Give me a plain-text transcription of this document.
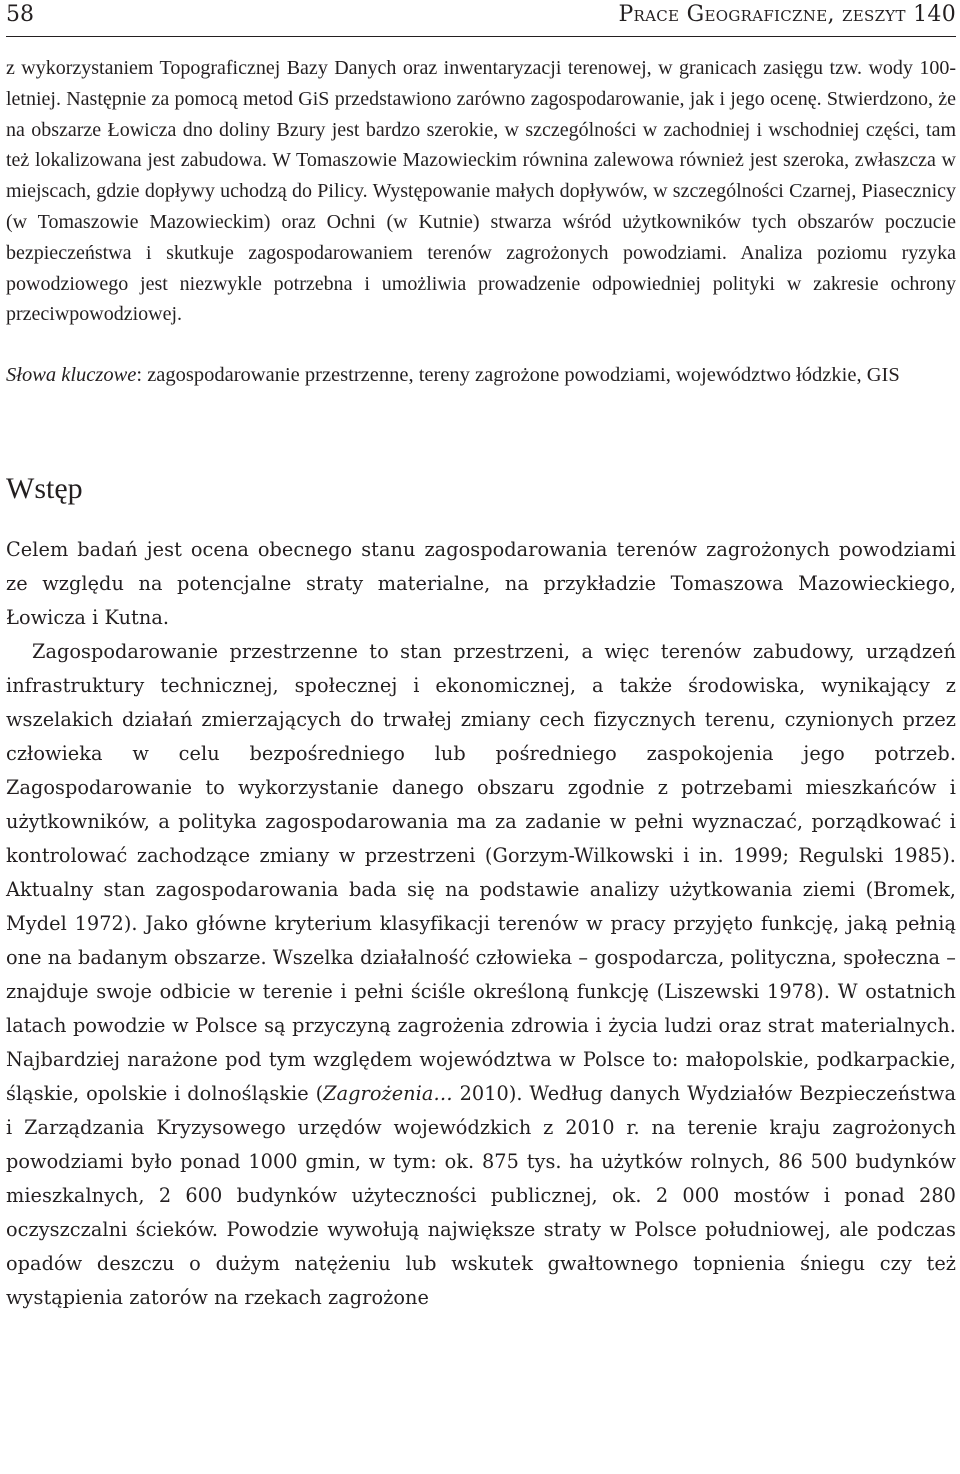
58	Prace Geograficzne, zeszyt 140

z wykorzystaniem Topograficznej Bazy Danych oraz inwentaryzacji terenowej, w granicach zasięgu tzw. wody 100-letniej. Następnie za pomocą metod GiS przedstawiono zarówno zagospodarowanie, jak i jego ocenę. Stwierdzono, że na obszarze Łowicza dno doliny Bzury jest bardzo szerokie, w szczególności w zachodniej i wschodniej części, tam też lokalizowana jest zabudowa. W Tomaszowie Mazowieckim równina zalewowa również jest szeroka, zwłaszcza w miejscach, gdzie dopływy uchodzą do Pilicy. Występowanie małych dopływów, w szczególności Czarnej, Piasecznicy (w Tomaszowie Mazowieckim) oraz Ochni (w Kutnie) stwarza wśród użytkowników tych obszarów poczucie bezpieczeństwa i skutkuje zagospodarowaniem terenów zagrożonych powodziami. Analiza poziomu ryzyka powodziowego jest niezwykle potrzebna i umożliwia prowadzenie odpowiedniej polityki w zakresie ochrony przeciwpowodziowej.

Słowa kluczowe: zagospodarowanie przestrzenne, tereny zagrożone powodziami, województwo łódzkie, GIS
Wstęp

Celem badań jest ocena obecnego stanu zagospodarowania terenów zagrożonych powodziami ze względu na potencjalne straty materialne, na przykładzie Tomaszowa Mazowieckiego, Łowicza i Kutna.

Zagospodarowanie przestrzenne to stan przestrzeni, a więc terenów zabudowy, urządzeń infrastruktury technicznej, społecznej i ekonomicznej, a także środowiska, wynikający z wszelakich działań zmierzających do trwałej zmiany cech fizycznych terenu, czynionych przez człowieka w celu bezpośredniego lub pośredniego zaspokojenia jego potrzeb. Zagospodarowanie to wykorzystanie danego obszaru zgodnie z potrzebami mieszkańców i użytkowników, a polityka zagospodarowania ma za zadanie w pełni wyznaczać, porządkować i kontrolować zachodzące zmiany w przestrzeni (Gorzym-Wilkowski i in. 1999; Regulski 1985). Aktualny stan zagospodarowania bada się na podstawie analizy użytkowania ziemi (Bromek, Mydel 1972). Jako główne kryterium klasyfikacji terenów w pracy przyjęto funkcję, jaką pełnią one na badanym obszarze. Wszelka działalność człowieka – gospodarcza, polityczna, społeczna – znajduje swoje odbicie w terenie i pełni ściśle określoną funkcję (Liszewski 1978). W ostatnich latach powodzie w Polsce są przyczyną zagrożenia zdrowia i życia ludzi oraz strat materialnych. Najbardziej narażone pod tym względem województwa w Polsce to: małopolskie, podkarpackie, śląskie, opolskie i dolnośląskie (Zagrożenia… 2010). Według danych Wydziałów Bezpieczeństwa i Zarządzania Kryzysowego urzędów wojewódzkich z 2010 r. na terenie kraju zagrożonych powodziami było ponad 1000 gmin, w tym: ok. 875 tys. ha użytków rolnych, 86 500 budynków mieszkalnych, 2 600 budynków użyteczności publicznej, ok. 2 000 mostów i ponad 280 oczyszczalni ścieków. Powodzie wywołują największe straty w Polsce południowej, ale podczas opadów deszczu o dużym natężeniu lub wskutek gwałtownego topnienia śniegu czy też wystąpienia zatorów na rzekach zagrożone
